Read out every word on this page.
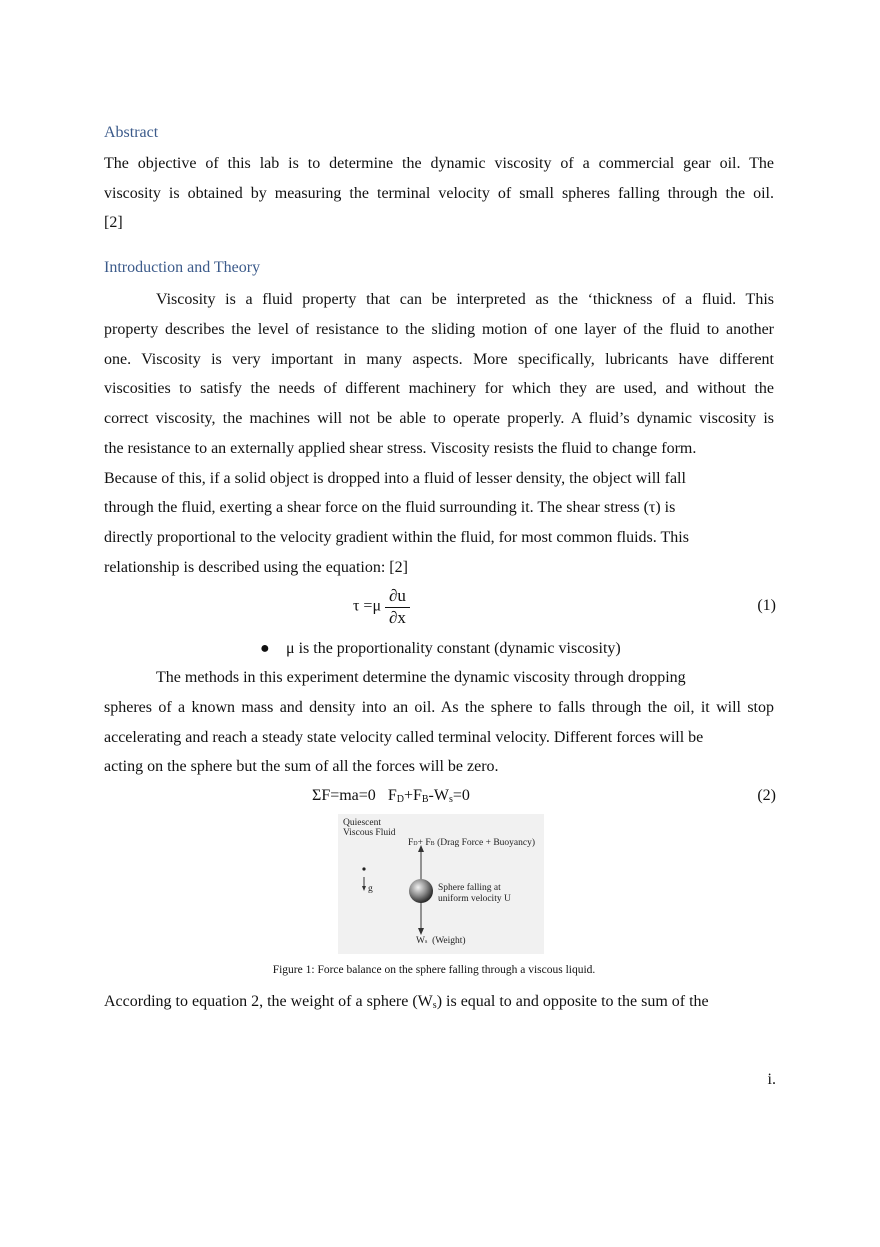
Abstract
The objective of this lab is to determine the dynamic viscosity of a commercial gear oil. The
viscosity is obtained by measuring the terminal velocity of small spheres falling through the oil.
[2]
Introduction and Theory
Viscosity is a fluid property that can be interpreted as the ‘thickness of a fluid. This
property describes the level of resistance to the sliding motion of one layer of the fluid to another
one. Viscosity is very important in many aspects. More specifically, lubricants have different
viscosities to satisfy the needs of different machinery for which they are used, and without the
correct viscosity, the machines will not be able to operate properly. A fluid’s dynamic viscosity is
the resistance to an externally applied shear stress. Viscosity resists the fluid to change form.
Because of this, if a solid object is dropped into a fluid of lesser density, the object will fall
through the fluid, exerting a shear force on the fluid surrounding it. The shear stress (τ) is
directly proportional to the velocity gradient within the fluid, for most common fluids. This
relationship is described using the equation: [2]
$\tau =\mu \frac{\partial u}{\partial x}$	(1)
● μ is the proportionality constant (dynamic viscosity)
The methods in this experiment determine the dynamic viscosity through dropping
spheres of a known mass and density into an oil. As the sphere to falls through the oil, it will stop
accelerating and reach a steady state velocity called terminal velocity. Different forces will be
acting on the sphere but the sum of all the forces will be zero.
ΣF=ma=0 $F_D+F_B-W_s=0$	(2)
Quiescent
Viscous Fluid
FD+ FB (Drag Force + Buoyancy)
g	Sphere falling at
uniform velocity U
Ws (Weight)
Figure 1: Force balance on the sphere falling through a viscous liquid.
According to equation 2, the weight of a sphere $(W_s)$ is equal to and opposite to the sum of the
i.
